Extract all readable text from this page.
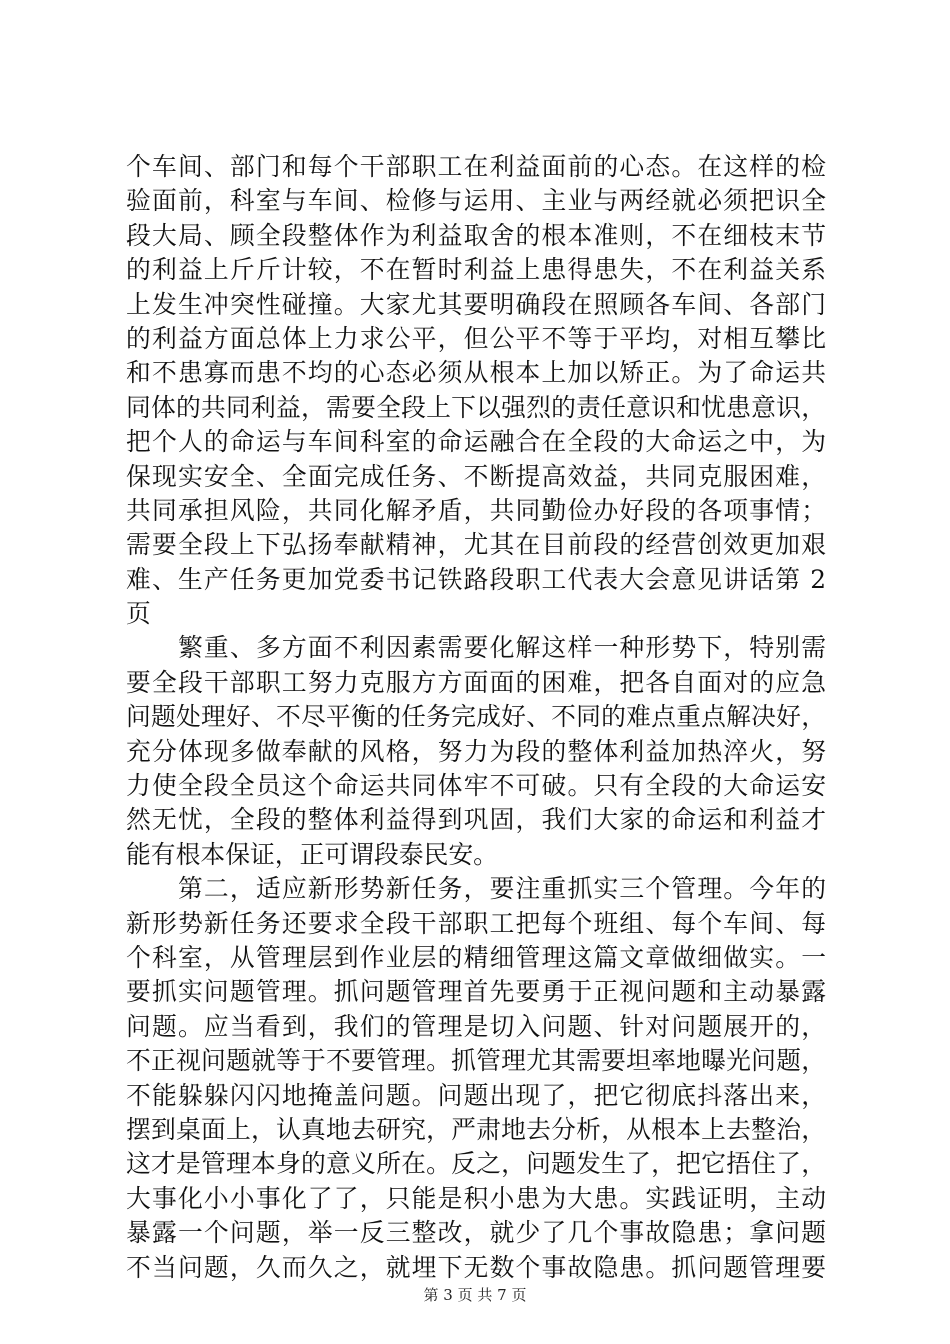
个车间、部门和每个干部职工在利益面前的心态。在这样的检
验面前，科室与车间、检修与运用、主业与两经就必须把识全
段大局、顾全段整体作为利益取舍的根本准则，不在细枝末节
的利益上斤斤计较，不在暂时利益上患得患失，不在利益关系
上发生冲突性碰撞。大家尤其要明确段在照顾各车间、各部门
的利益方面总体上力求公平，但公平不等于平均，对相互攀比
和不患寡而患不均的心态必须从根本上加以矫正。为了命运共
同体的共同利益，需要全段上下以强烈的责任意识和忧患意识，
把个人的命运与车间科室的命运融合在全段的大命运之中，为
保现实安全、全面完成任务、不断提高效益，共同克服困难，
共同承担风险，共同化解矛盾，共同勤俭办好段的各项事情；
需要全段上下弘扬奉献精神，尤其在目前段的经营创效更加艰
难、生产任务更加党委书记铁路段职工代表大会意见讲话第 2
页
　　繁重、多方面不利因素需要化解这样一种形势下，特别需
要全段干部职工努力克服方方面面的困难，把各自面对的应急
问题处理好、不尽平衡的任务完成好、不同的难点重点解决好，
充分体现多做奉献的风格，努力为段的整体利益加热淬火，努
力使全段全员这个命运共同体牢不可破。只有全段的大命运安
然无忧，全段的整体利益得到巩固，我们大家的命运和利益才
能有根本保证，正可谓段泰民安。
　　第二，适应新形势新任务，要注重抓实三个管理。今年的
新形势新任务还要求全段干部职工把每个班组、每个车间、每
个科室，从管理层到作业层的精细管理这篇文章做细做实。一
要抓实问题管理。抓问题管理首先要勇于正视问题和主动暴露
问题。应当看到，我们的管理是切入问题、针对问题展开的，
不正视问题就等于不要管理。抓管理尤其需要坦率地曝光问题，
不能躲躲闪闪地掩盖问题。问题出现了，把它彻底抖落出来，
摆到桌面上，认真地去研究，严肃地去分析，从根本上去整治，
这才是管理本身的意义所在。反之，问题发生了，把它捂住了，
大事化小小事化了了，只能是积小患为大患。实践证明，主动
暴露一个问题，举一反三整改，就少了几个事故隐患；拿问题
不当问题，久而久之，就埋下无数个事故隐患。抓问题管理要
第 3 页 共 7 页
